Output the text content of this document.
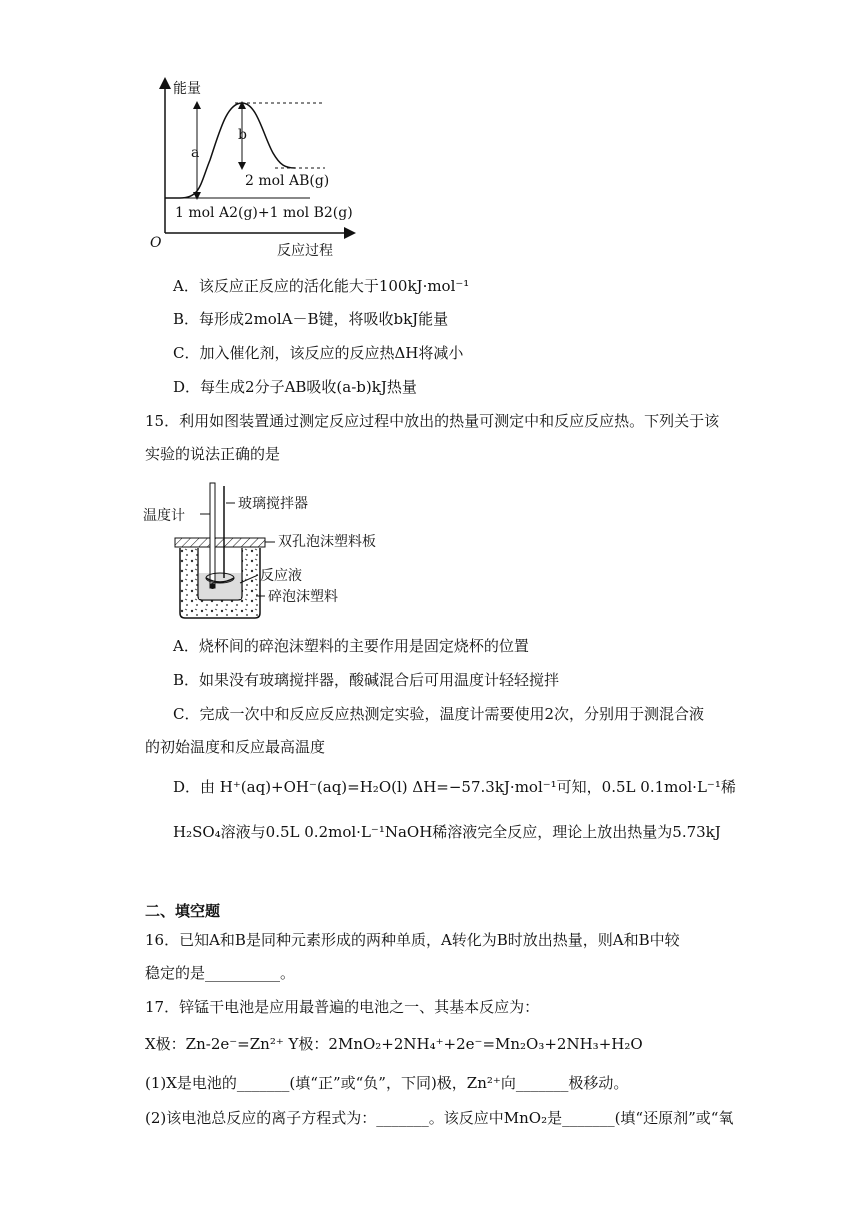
能量
反应过程
O
a
b
2 mol AB(g)
1 mol A2(g)+1 mol B2(g)
A．该反应正反应的活化能大于100kJ·mol⁻¹
B．每形成2molA－B键，将吸收bkJ能量
C．加入催化剂，该反应的反应热ΔH将减小
D．每生成2分子AB吸收(a-b)kJ热量
15．利用如图装置通过测定反应过程中放出的热量可测定中和反应反应热。下列关于该
实验的说法正确的是
温度计
玻璃搅拌器
双孔泡沫塑料板
反应液
碎泡沫塑料
A．烧杯间的碎泡沫塑料的主要作用是固定烧杯的位置
B．如果没有玻璃搅拌器，酸碱混合后可用温度计轻轻搅拌
C．完成一次中和反应反应热测定实验，温度计需要使用2次，分别用于测混合液
的初始温度和反应最高温度
D．由 H⁺(aq)+OH⁻(aq)=H₂O(l) ΔH=−57.3kJ·mol⁻¹可知，0.5L 0.1mol·L⁻¹稀
H₂SO₄溶液与0.5L 0.2mol·L⁻¹NaOH稀溶液完全反应，理论上放出热量为5.73kJ
二、填空题
16．已知A和B是同种元素形成的两种单质，A转化为B时放出热量，则A和B中较
稳定的是__________。
17．锌锰干电池是应用最普遍的电池之一、其基本反应为：
X极：Zn-2e⁻=Zn²⁺ Y极：2MnO₂+2NH₄⁺+2e⁻=Mn₂O₃+2NH₃+H₂O
(1)X是电池的_______(填“正”或“负”，下同)极，Zn²⁺向_______极移动。
(2)该电池总反应的离子方程式为：_______。该反应中MnO₂是_______(填“还原剂”或“氧
